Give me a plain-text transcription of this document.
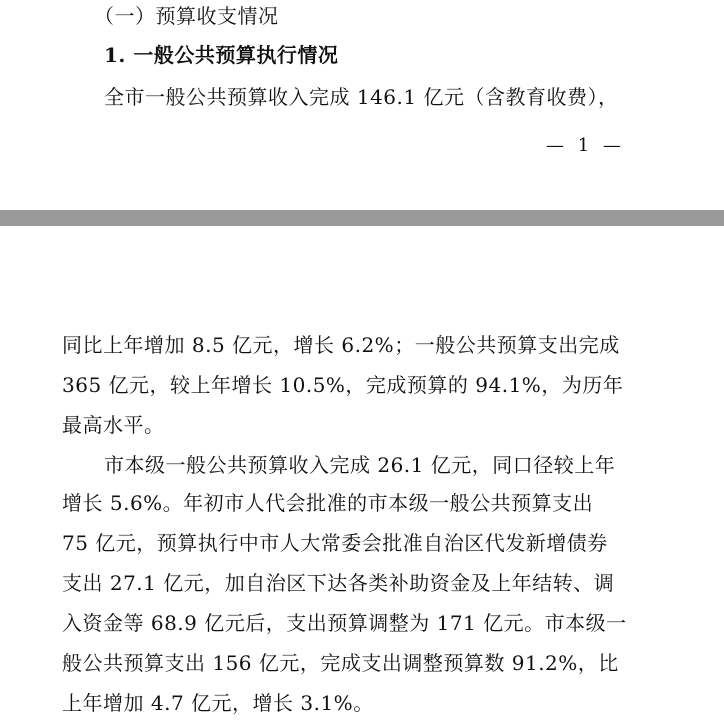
（一）预算收支情况
1. 一般公共预算执行情况
全市一般公共预算收入完成 146.1 亿元（含教育收费），
— 1 —
同比上年增加 8.5 亿元，增长 6.2%；一般公共预算支出完成
365 亿元，较上年增长 10.5%，完成预算的 94.1%，为历年
最高水平。
市本级一般公共预算收入完成 26.1 亿元，同口径较上年
增长 5.6%。年初市人代会批准的市本级一般公共预算支出
75 亿元，预算执行中市人大常委会批准自治区代发新增债券
支出 27.1 亿元，加自治区下达各类补助资金及上年结转、调
入资金等 68.9 亿元后，支出预算调整为 171 亿元。市本级一
般公共预算支出 156 亿元，完成支出调整预算数 91.2%，比
上年增加 4.7 亿元，增长 3.1%。
